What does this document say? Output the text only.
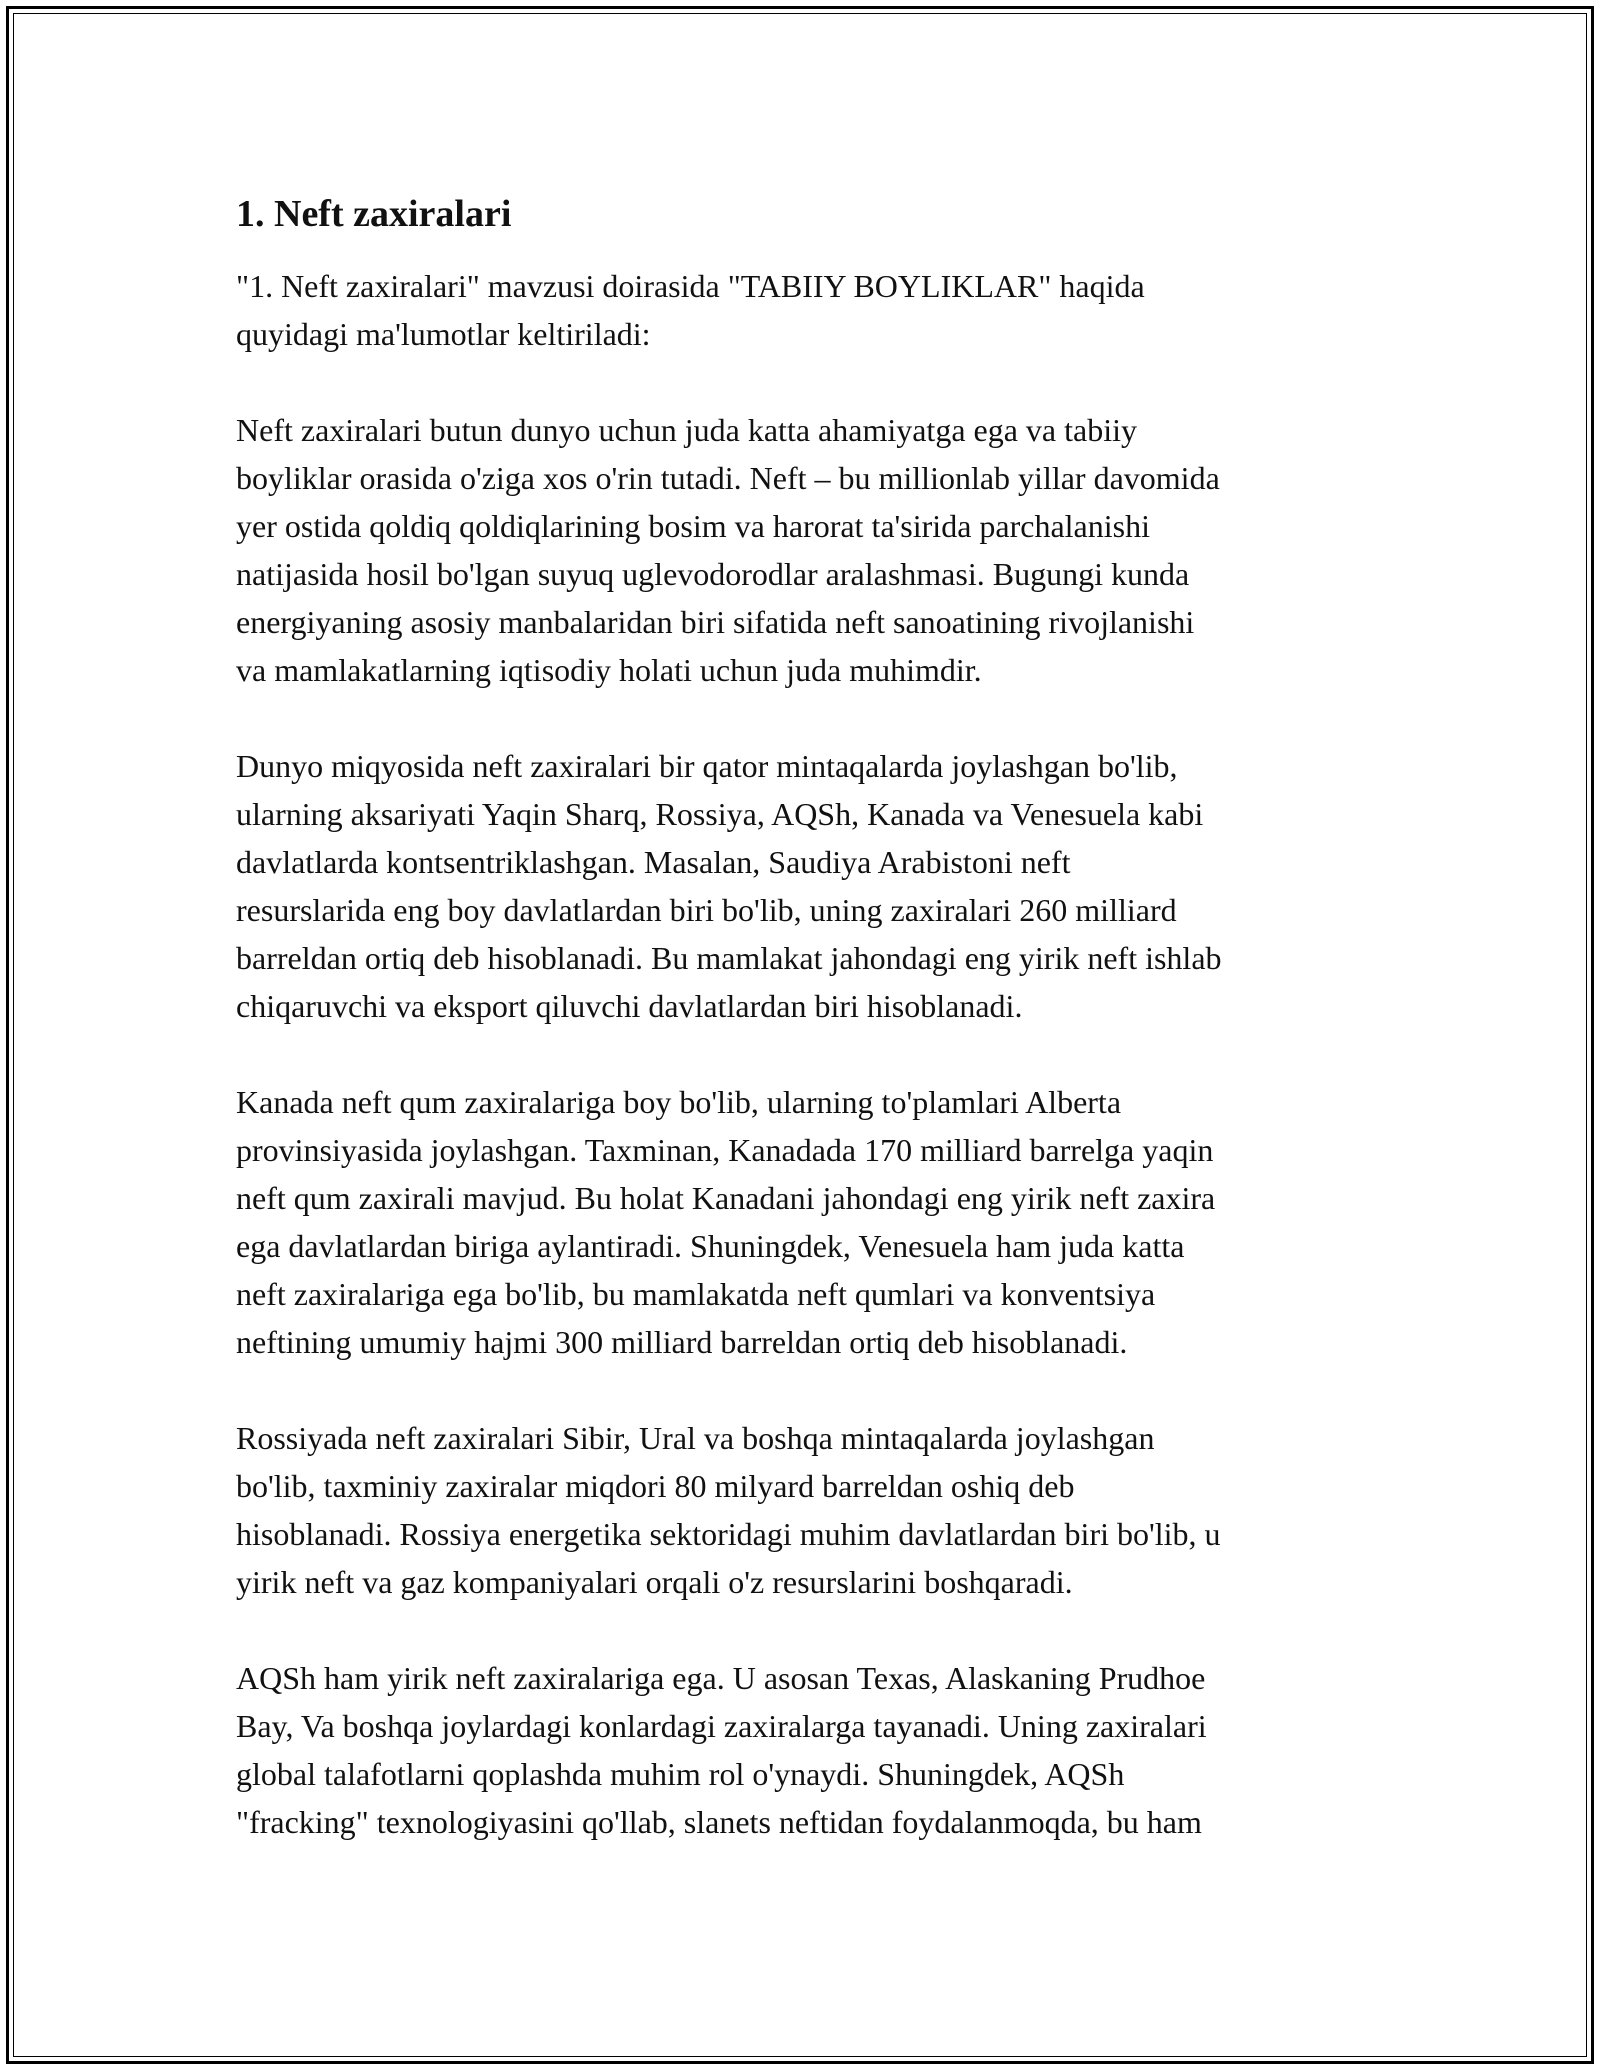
1. Neft zaxiralari

"1. Neft zaxiralari" mavzusi doirasida "TABIIY BOYLIKLAR" haqida
quyidagi ma'lumotlar keltiriladi:

Neft zaxiralari butun dunyo uchun juda katta ahamiyatga ega va tabiiy
boyliklar orasida o'ziga xos o'rin tutadi. Neft – bu millionlab yillar davomida
yer ostida qoldiq qoldiqlarining bosim va harorat ta'sirida parchalanishi
natijasida hosil bo'lgan suyuq uglevodorodlar aralashmasi. Bugungi kunda
energiyaning asosiy manbalaridan biri sifatida neft sanoatining rivojlanishi
va mamlakatlarning iqtisodiy holati uchun juda muhimdir.

Dunyo miqyosida neft zaxiralari bir qator mintaqalarda joylashgan bo'lib,
ularning aksariyati Yaqin Sharq, Rossiya, AQSh, Kanada va Venesuela kabi
davlatlarda kontsentriklashgan. Masalan, Saudiya Arabistoni neft
resurslarida eng boy davlatlardan biri bo'lib, uning zaxiralari 260 milliard
barreldan ortiq deb hisoblanadi. Bu mamlakat jahondagi eng yirik neft ishlab
chiqaruvchi va eksport qiluvchi davlatlardan biri hisoblanadi.

Kanada neft qum zaxiralariga boy bo'lib, ularning to'plamlari Alberta
provinsiyasida joylashgan. Taxminan, Kanadada 170 milliard barrelga yaqin
neft qum zaxirali mavjud. Bu holat Kanadani jahondagi eng yirik neft zaxira
ega davlatlardan biriga aylantiradi. Shuningdek, Venesuela ham juda katta
neft zaxiralariga ega bo'lib, bu mamlakatda neft qumlari va konventsiya
neftining umumiy hajmi 300 milliard barreldan ortiq deb hisoblanadi.

Rossiyada neft zaxiralari Sibir, Ural va boshqa mintaqalarda joylashgan
bo'lib, taxminiy zaxiralar miqdori 80 milyard barreldan oshiq deb
hisoblanadi. Rossiya energetika sektoridagi muhim davlatlardan biri bo'lib, u
yirik neft va gaz kompaniyalari orqali o'z resurslarini boshqaradi.

AQSh ham yirik neft zaxiralariga ega. U asosan Texas, Alaskaning Prudhoe
Bay, Va boshqa joylardagi konlardagi zaxiralarga tayanadi. Uning zaxiralari
global talafotlarni qoplashda muhim rol o'ynaydi. Shuningdek, AQSh
"fracking" texnologiyasini qo'llab, slanets neftidan foydalanmoqda, bu ham
